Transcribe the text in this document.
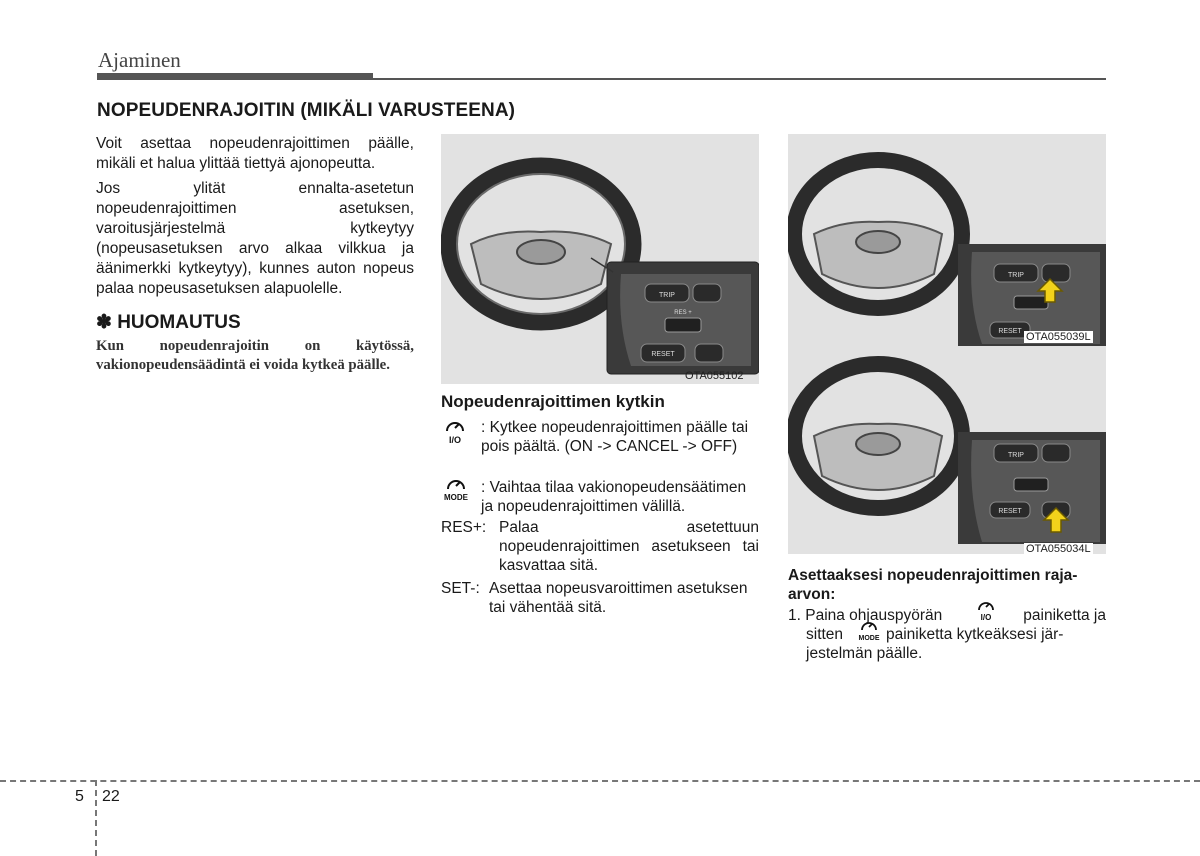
Ajaminen
NOPEUDENRAJOITIN (MIKÄLI VARUSTEENA)

Voit asettaa nopeudenrajoittimen päälle, mikäli et halua ylittää tiettyä ajonopeutta.

Jos ylität ennalta-asetetun nopeudenrajoittimen asetuksen, varoitusjärjestelmä kytkeytyy (nopeusasetuksen arvo alkaa vilkkua ja äänimerkki kytkeytyy), kunnes auton nopeus palaa nopeusasetuksen alapuolelle.

✽ HUOMAUTUS
Kun nopeudenrajoitin on käytössä, vakionopeudensäädintä ei voida kytkeä päälle.
TRIP
RES +
RESET
OTA055102
Nopeudenrajoittimen kytkin
I/O
: Kytkee nopeudenrajoittimen päälle tai pois päältä. (ON -> CANCEL -> OFF)
MODE
: Vaihtaa tilaa vakionopeudensäätimen ja nopeudenrajoittimen välillä.
RES+: Palaa asetettuun nopeudenrajoittimen asetukseen tai kasvattaa sitä.
SET-: Asettaa nopeusvaroittimen asetuksen tai vähentää sitä.
TRIP
RESET OTA055039L
TRIP
RESET
OTA055034L
Asettaaksesi nopeudenrajoittimen raja-arvon:
1. Paina ohjauspyörän	I/O	painiketta ja
sitten	MODE painiketta kytkeäksesi jär-
jestelmän päälle.
5 22
